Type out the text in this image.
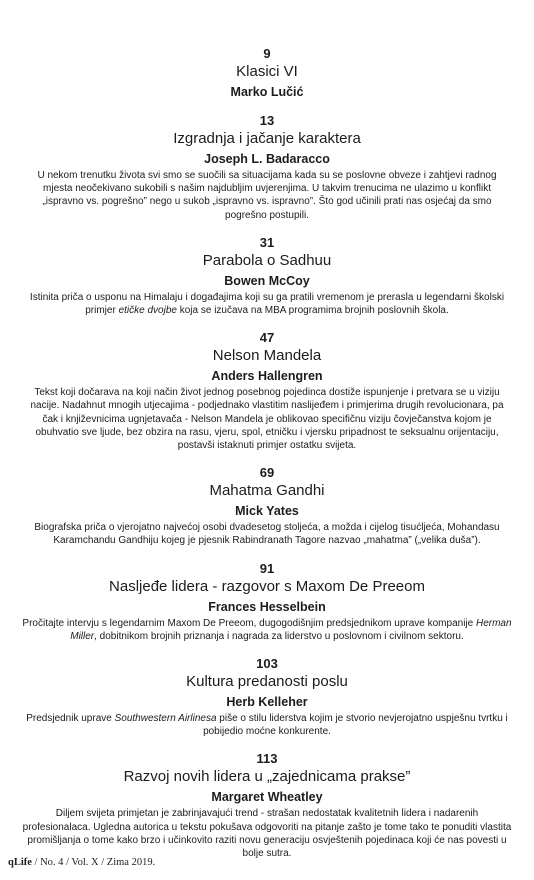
9
Klasici VI
Marko Lučić
13
Izgradnja i jačanje karaktera
Joseph L. Badaracco
U nekom trenutku života svi smo se suočili sa situacijama kada su se poslovne obveze i zahtjevi radnog mjesta neočekivano sukobili s našim najdubljim uvjerenjima. U takvim trenucima ne ulazimo u konflikt „ispravno vs. pogrešno” nego u sukob „ispravno vs. ispravno”. Što god učinili prati nas osjećaj da smo pogrešno postupili.
31
Parabola o Sadhuu
Bowen McCoy
Istinita priča o usponu na Himalaju i događajima koji su ga pratili vremenom je prerasla u legendarni školski primjer etičke dvojbe koja se izučava na MBA programima brojnih poslovnih škola.
47
Nelson Mandela
Anders Hallengren
Tekst koji dočarava na koji način život jednog posebnog pojedinca dostiže ispunjenje i pretvara se u viziju nacije. Nadahnut mnogih utjecajima - podjednako vlastitim naslijeđem i primjerima drugih revolucionara, pa čak i književnicima ugnjetavača - Nelson Mandela je oblikovao specifičnu viziju čovječanstva kojom je obuhvatio sve ljude, bez obzira na rasu, vjeru, spol, etničku i vjersku pripadnost te seksualnu orijentaciju, postavši istaknuti primjer ostatku svijeta.
69
Mahatma Gandhi
Mick Yates
Biografska priča o vjerojatno najvećoj osobi dvadesetog stoljeća, a možda i cijelog tisućljeća, Mohandasu Karamchandu Gandhiju kojeg je pjesnik Rabindranath Tagore nazvao „mahatma” („velika duša”).
91
Nasljeđe lidera - razgovor s Maxom De Preeom
Frances Hesselbein
Pročitajte intervju s legendarnim Maxom De Preeom, dugogodišnjim predsjednikom uprave kompanije Herman Miller, dobitnikom brojnih priznanja i nagrada za liderstvo u poslovnom i civilnom sektoru.
103
Kultura predanosti poslu
Herb Kelleher
Predsjednik uprave Southwestern Airlinesa piše o stilu liderstva kojim je stvorio nevjerojatno uspješnu tvrtku i pobijedio moćne konkurente.
113
Razvoj novih lidera u „zajednicama prakse”
Margaret Wheatley
Diljem svijeta primjetan je zabrinjavajući trend - strašan nedostatak kvalitetnih lidera i nadarenih profesionalaca. Ugledna autorica u tekstu pokušava odgovoriti na pitanje zašto je tome tako te ponuditi vlastita promišljanja o tome kako brzo i učinkovito raziti novu generaciju osvještenih pojedinaca koji će nas povesti u bolje sutra.
qLife / No. 4 / Vol. X / Zima 2019.
